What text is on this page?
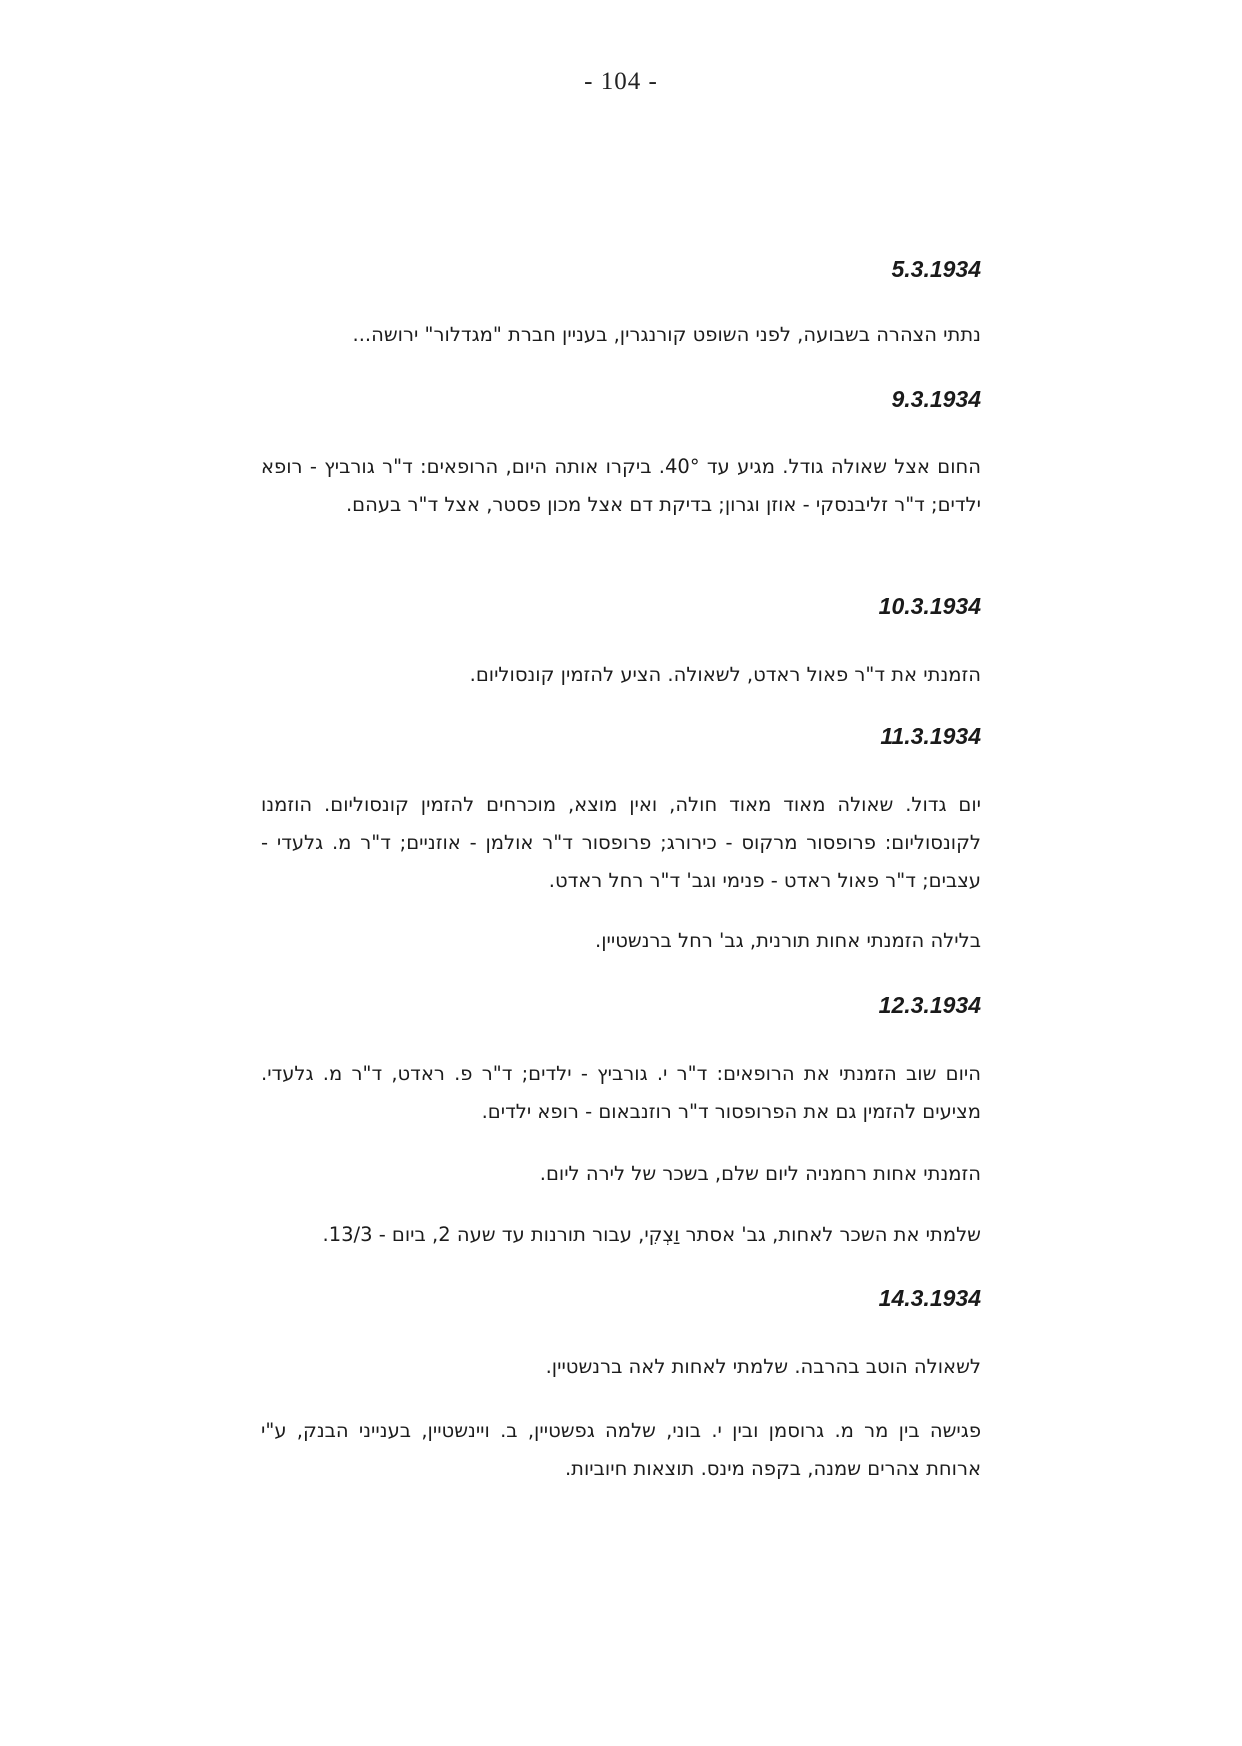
- 104 -
5.3.1934
נתתי הצהרה בשבועה, לפני השופט קורנגרין, בעניין חברת "מגדלור" ירושה...
9.3.1934
החום אצל שאולה גודל. מגיע עד 40°. ביקרו אותה היום, הרופאים: ד"ר גורביץ - רופא ילדים; ד"ר זליבנסקי - אוזן וגרון; בדיקת דם אצל מכון פסטר, אצל ד"ר בעהם.
10.3.1934
הזמנתי את ד"ר פאול ראדט, לשאולה. הציע להזמין קונסוליום.
11.3.1934
יום גדול. שאולה מאוד מאוד חולה, ואין מוצא, מוכרחים להזמין קונסוליום. הוזמנו לקונסוליום: פרופסור מרקוס - כירורג; פרופסור ד"ר אולמן - אוזניים; ד"ר מ. גלעדי - עצבים; ד"ר פאול ראדט - פנימי וגב' ד"ר רחל ראדט.
בלילה הזמנתי אחות תורנית, גב' רחל ברנשטיין.
12.3.1934
היום שוב הזמנתי את הרופאים: ד"ר י. גורביץ - ילדים; ד"ר פ. ראדט, ד"ר מ. גלעדי. מציעים להזמין גם את הפרופסור ד"ר רוזנבאום - רופא ילדים.
הזמנתי אחות רחמניה ליום שלם, בשכר של לירה ליום.
שלמתי את השכר לאחות, גב' אסתר וַצְקִי, עבור תורנות עד שעה 2, ביום - 13/3.
14.3.1934
לשאולה הוטב בהרבה. שלמתי לאחות לאה ברנשטיין.
פגישה בין מר מ. גרוסמן ובין י. בוני, שלמה גפשטיין, ב. ויינשטיין, בענייני הבנק, ע"י ארוחת צהרים שמנה, בקפה מינס. תוצאות חיוביות.
